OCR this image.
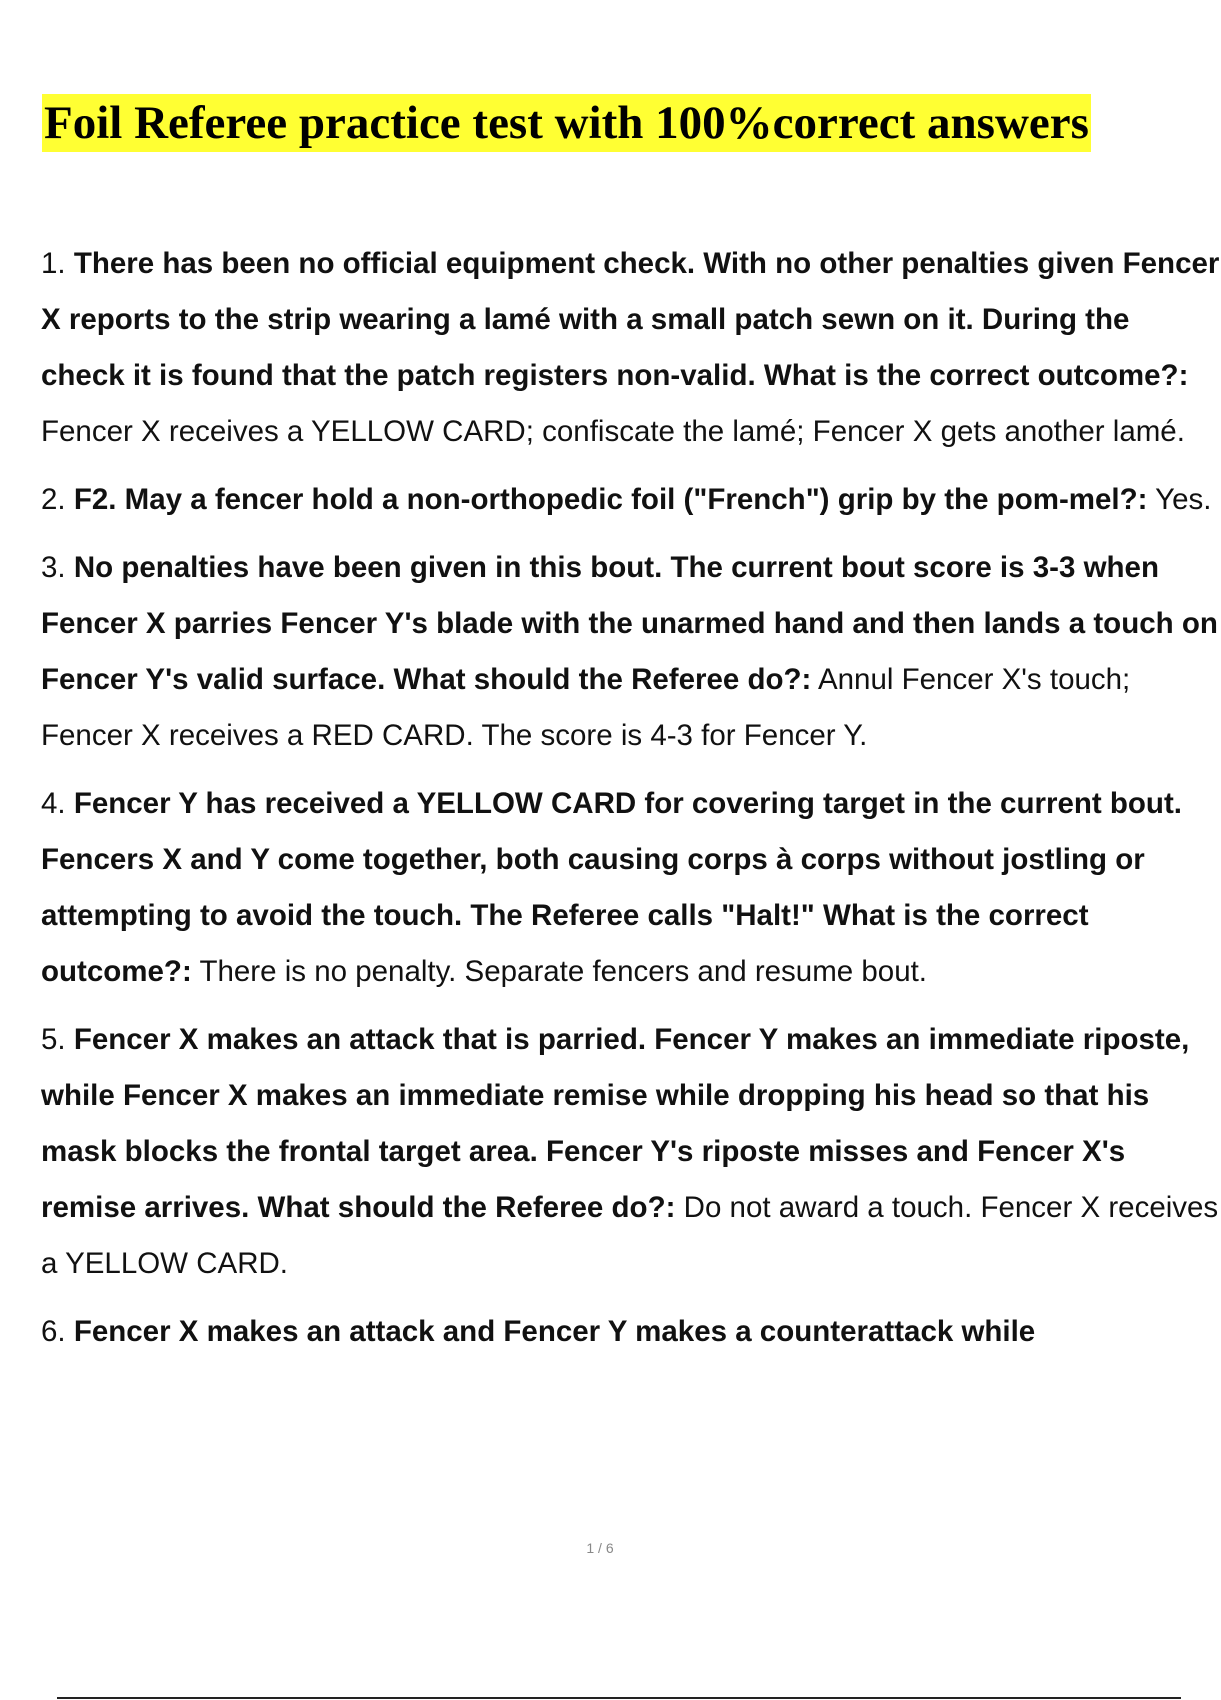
Foil Referee practice test with 100%correct answers
1. There has been no official equipment check. With no other penalties given Fencer X reports to the strip wearing a lamé with a small patch sewn on it. During the check it is found that the patch registers non-valid. What is the correct outcome?: Fencer X receives a YELLOW CARD; confiscate the lamé; Fencer X gets another lamé.
2. F2. May a fencer hold a non-orthopedic foil ("French") grip by the pom-mel?: Yes.
3. No penalties have been given in this bout. The current bout score is 3-3 when Fencer X parries Fencer Y's blade with the unarmed hand and then lands a touch on Fencer Y's valid surface. What should the Referee do?: Annul Fencer X's touch; Fencer X receives a RED CARD. The score is 4-3 for Fencer Y.
4. Fencer Y has received a YELLOW CARD for covering target in the current bout. Fencers X and Y come together, both causing corps à corps without jostling or attempting to avoid the touch. The Referee calls "Halt!" What is the correct outcome?: There is no penalty. Separate fencers and resume bout.
5. Fencer X makes an attack that is parried. Fencer Y makes an immediate riposte, while Fencer X makes an immediate remise while dropping his head so that his mask blocks the frontal target area. Fencer Y's riposte misses and Fencer X's remise arrives. What should the Referee do?: Do not award a touch. Fencer X receives a YELLOW CARD.
6. Fencer X makes an attack and Fencer Y makes a counterattack while
1 / 6
